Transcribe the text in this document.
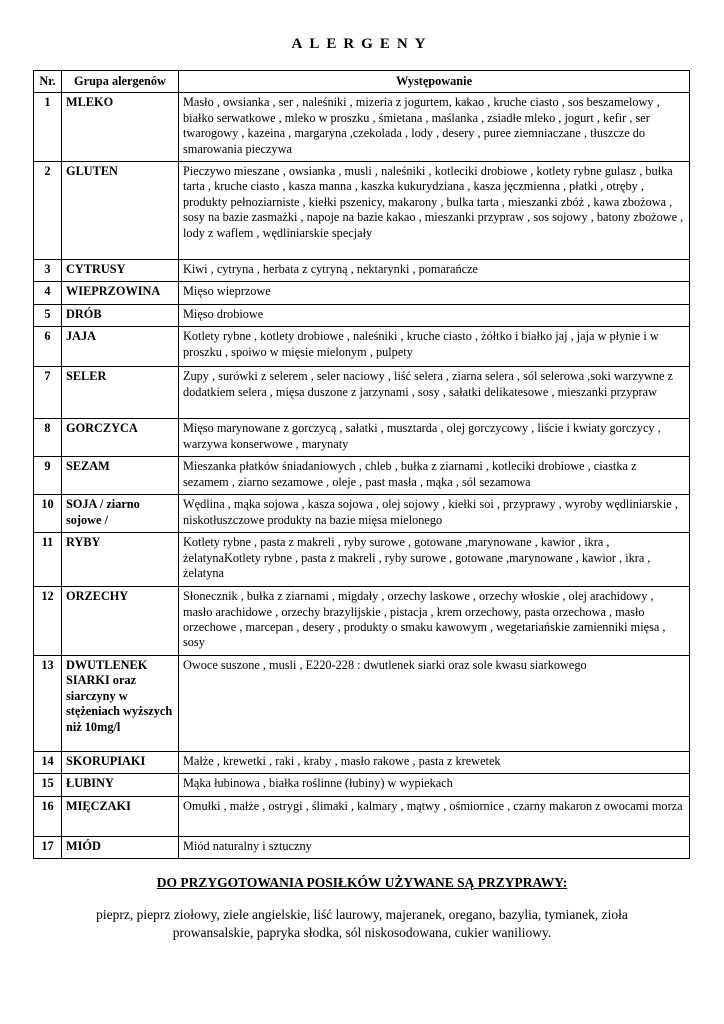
ALERGENY
Nr.	Grupa alergenów	Występowanie
1	MLEKO	Masło , owsianka , ser , naleśniki , mizeria z jogurtem, kakao , kruche ciasto , sos beszamelowy , białko serwatkowe , mleko w proszku , śmietana , maślanka , zsiadłe mleko , jogurt , kefir , ser twarogowy , kazeina , margaryna ,czekolada , lody , desery , puree ziemniaczane , tłuszcze do smarowania pieczywa
2	GLUTEN	Pieczywo mieszane , owsianka , musli , naleśniki , kotleciki drobiowe , kotlety rybne gulasz , bułka tarta , kruche ciasto , kasza manna , kaszka kukurydziana , kasza jęczmienna , płatki , otręby , produkty pełnoziarniste , kiełki pszenicy, makarony , bulka tarta , mieszanki zbóż , kawa zbożowa , sosy na bazie zasmażki , napoje na bazie kakao , mieszanki przypraw , sos sojowy , batony zbożowe , lody z waflem , wędliniarskie specjały
3	CYTRUSY	Kiwi , cytryna , herbata z cytryną , nektarynki , pomarańcze
4	WIEPRZOWINA	Mięso wieprzowe
5	DRÓB	Mięso drobiowe
6	JAJA	Kotlety rybne , kotlety drobiowe , naleśniki , kruche ciasto , żółtko i białko jaj , jaja w płynie i w proszku , spoiwo w mięsie mielonym , pulpety
7	SELER	Zupy , surówki z selerem , seler naciowy , liść selera , ziarna selera , sól selerowa ,soki warzywne z dodatkiem selera , mięsa duszone z jarzynami , sosy , sałatki delikatesowe , mieszanki przypraw
8	GORCZYCA	Mięso marynowane z gorczycą , sałatki , musztarda , olej gorczycowy , liście i kwiaty gorczycy , warzywa konserwowe , marynaty
9	SEZAM	Mieszanka płatków śniadaniowych , chleb , bułka z ziarnami , kotleciki drobiowe , ciastka z sezamem , ziarno sezamowe , oleje , past masła , mąka , sól sezamowa
10	SOJA / ziarno sojowe /	Wędlina , mąka sojowa , kasza sojowa , olej sojowy , kiełki soi , przyprawy , wyroby wędliniarskie , niskotłuszczowe produkty na bazie mięsa mielonego
11	RYBY	Kotlety rybne , pasta z makreli , ryby surowe , gotowane ,marynowane , kawior , ikra , żelatynaKotlety rybne , pasta z makreli , ryby surowe , gotowane ,marynowane , kawior , ikra , żelatyna
12	ORZECHY	Słonecznik , bułka z ziarnami , migdały , orzechy laskowe , orzechy włoskie , olej arachidowy , masło arachidowe , orzechy brazylijskie , pistacja , krem orzechowy, pasta orzechowa , masło orzechowe , marcepan , desery , produkty o smaku kawowym , wegetariańskie zamienniki mięsa , sosy
13	DWUTLENEK SIARKI oraz siarczyny w stężeniach wyższych niż 10mg/l	Owoce suszone , musli , E220-228 : dwutlenek siarki oraz sole kwasu siarkowego
14	SKORUPIAKI	Małże , krewetki , raki , kraby , masło rakowe , pasta z krewetek
15	ŁUBINY	Mąka łubinowa , białka roślinne (łubiny) w wypiekach
16	MIĘCZAKI	Omułki , małże , ostrygi , ślimaki , kalmary , mątwy , ośmiornice , czarny makaron z owocami morza
17	MIÓD	Miód naturalny i sztuczny
DO PRZYGOTOWANIA POSIŁKÓW UŻYWANE SĄ PRZYPRAWY:
pieprz, pieprz ziołowy, ziele angielskie, liść laurowy, majeranek, oregano, bazylia, tymianek, zioła prowansalskie, papryka słodka, sól niskosodowana, cukier waniliowy.
